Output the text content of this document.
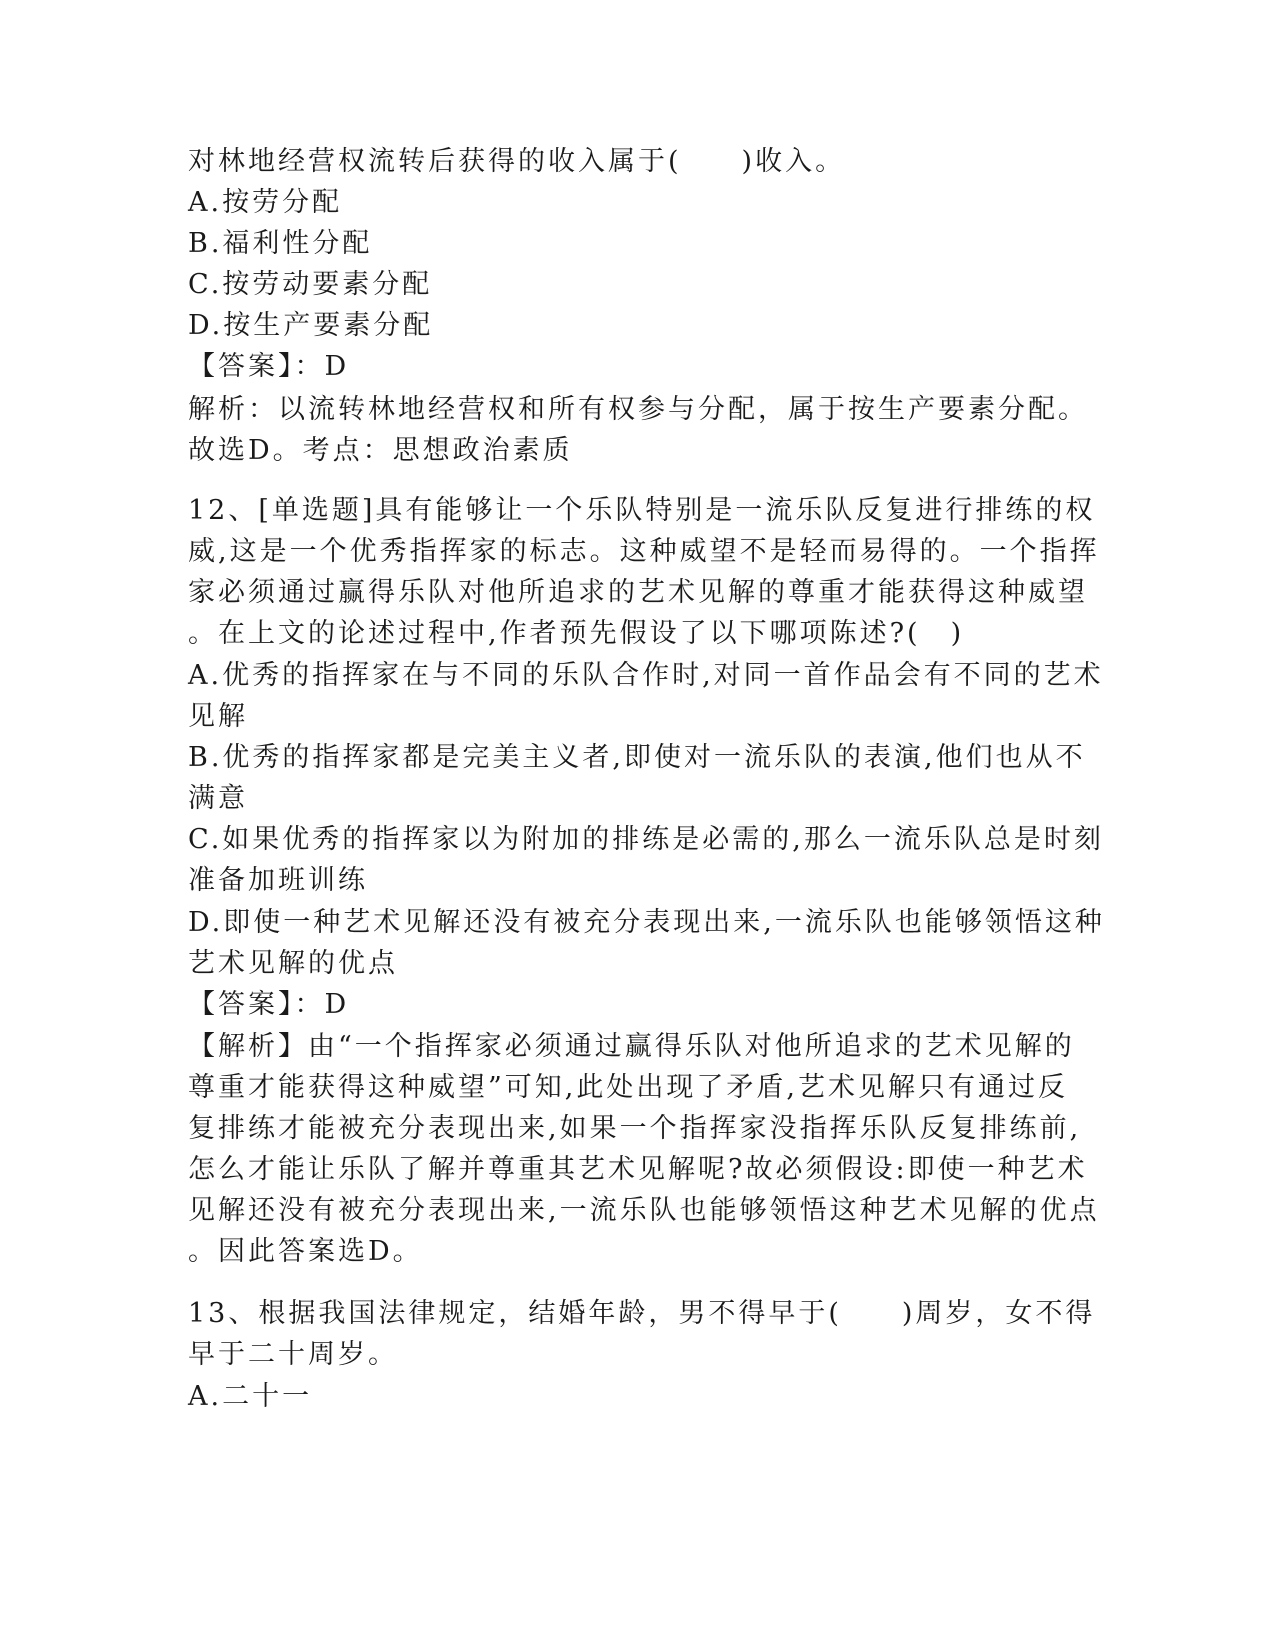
对林地经营权流转后获得的收入属于(　　)收入。
A.按劳分配
B.福利性分配
C.按劳动要素分配
D.按生产要素分配
【答案】：D
解析：以流转林地经营权和所有权参与分配，属于按生产要素分配。
故选D。考点：思想政治素质
12、[单选题]具有能够让一个乐队特别是一流乐队反复进行排练的权
威,这是一个优秀指挥家的标志。这种威望不是轻而易得的。一个指挥
家必须通过赢得乐队对他所追求的艺术见解的尊重才能获得这种威望
。在上文的论述过程中,作者预先假设了以下哪项陈述?(　)
A.优秀的指挥家在与不同的乐队合作时,对同一首作品会有不同的艺术
见解
B.优秀的指挥家都是完美主义者,即使对一流乐队的表演,他们也从不
满意
C.如果优秀的指挥家以为附加的排练是必需的,那么一流乐队总是时刻
准备加班训练
D.即使一种艺术见解还没有被充分表现出来,一流乐队也能够领悟这种
艺术见解的优点
【答案】：D
【解析】由“一个指挥家必须通过赢得乐队对他所追求的艺术见解的
尊重才能获得这种威望”可知,此处出现了矛盾,艺术见解只有通过反
复排练才能被充分表现出来,如果一个指挥家没指挥乐队反复排练前,
怎么才能让乐队了解并尊重其艺术见解呢?故必须假设:即使一种艺术
见解还没有被充分表现出来,一流乐队也能够领悟这种艺术见解的优点
。因此答案选D。
13、根据我国法律规定，结婚年龄，男不得早于(　　)周岁，女不得
早于二十周岁。
A.二十一
